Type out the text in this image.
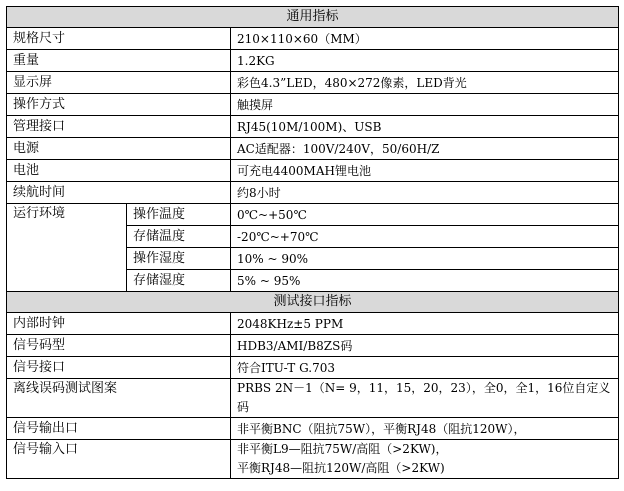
通用指标		
规格尺寸		210×110×60（MM）
重量		1.2KG
显示屏		彩色4.3”LED，480×272像素，LED背光
操作方式		触摸屏
管理接口		RJ45(10M/100M)、USB
电源		AC适配器：100V/240V，50/60H/Z
电池		可充电4400MAH锂电池
续航时间		约8小时
运行环境	操作温度	0℃~+50℃
	存储温度	-20℃~+70℃
	操作湿度	10% ~ 90%
	存储湿度	5% ~ 95%
测试接口指标		
内部时钟		2048KHz±5 PPM
信号码型		HDB3/AMI/B8ZS码
信号接口		符合ITU-T G.703
离线误码测试图案		PRBS 2N－1（N= 9，11，15，20，23），全0，全1，16位自定义码
信号输出口		非平衡BNC（阻抗75W），平衡RJ48（阻抗120W），
信号输入口		非平衡L9—阻抗75W/高阻（>2KW)，
平衡RJ48—阻抗120W/高阻（>2KW)
